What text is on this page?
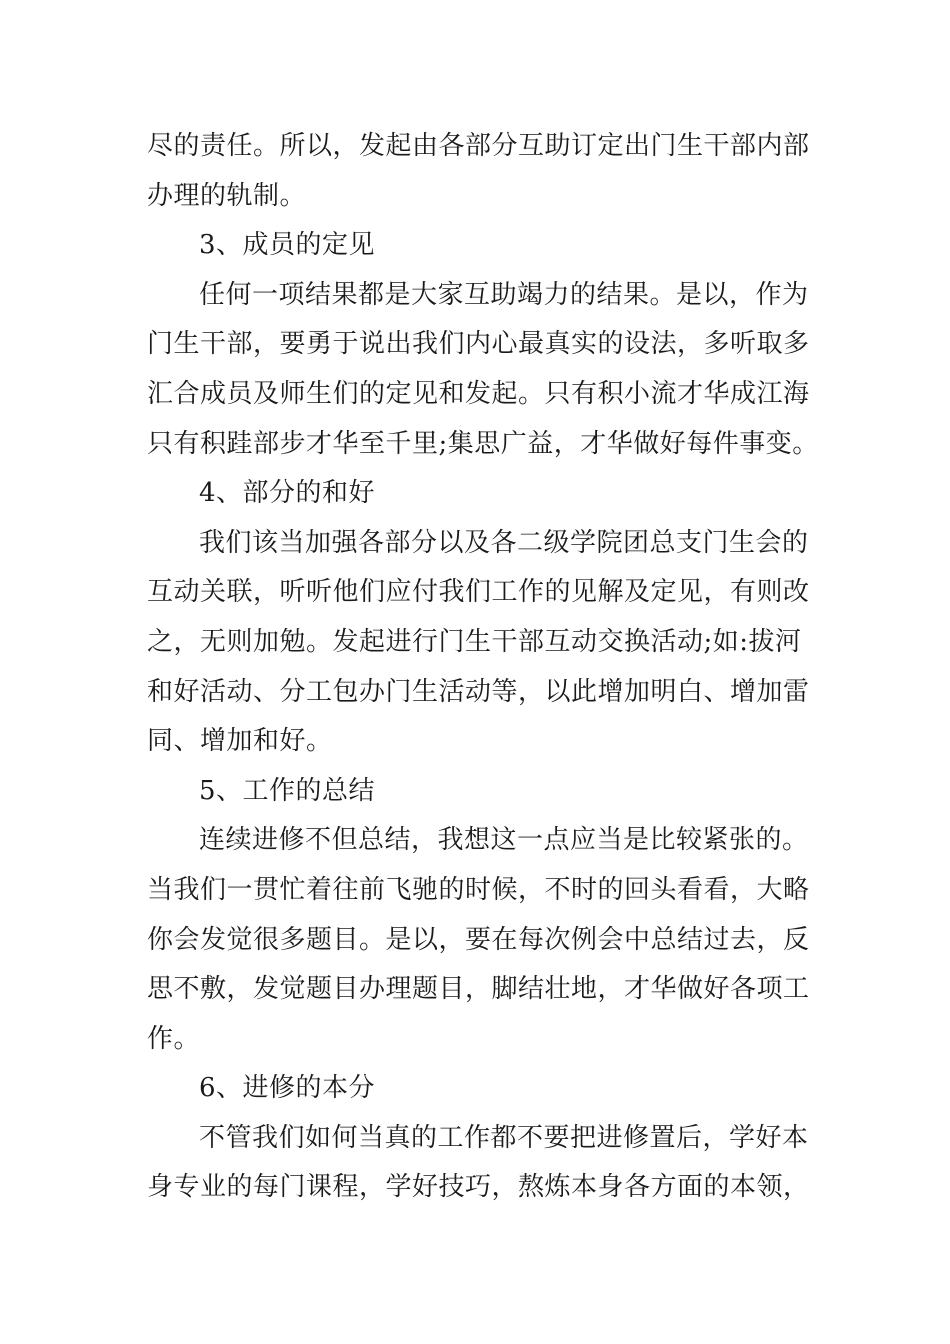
尽的责任。所以，发起由各部分互助订定出门生干部内部
办理的轨制。

3、成员的定见

任何一项结果都是大家互助竭力的结果。是以，作为
门生干部，要勇于说出我们内心最真实的设法，多听取多
汇合成员及师生们的定见和发起。只有积小流才华成江海
只有积跬部步才华至千里;集思广益，才华做好每件事变。

4、部分的和好

我们该当加强各部分以及各二级学院团总支门生会的
互动关联，听听他们应付我们工作的见解及定见，有则改
之，无则加勉。发起进行门生干部互动交换活动;如:拔河
和好活动、分工包办门生活动等，以此增加明白、增加雷
同、增加和好。

5、工作的总结

连续进修不但总结，我想这一点应当是比较紧张的。
当我们一贯忙着往前飞驰的时候，不时的回头看看，大略
你会发觉很多题目。是以，要在每次例会中总结过去，反
思不敷，发觉题目办理题目，脚结壮地，才华做好各项工
作。

6、进修的本分

不管我们如何当真的工作都不要把进修置后，学好本
身专业的每门课程，学好技巧，熬炼本身各方面的本领，
